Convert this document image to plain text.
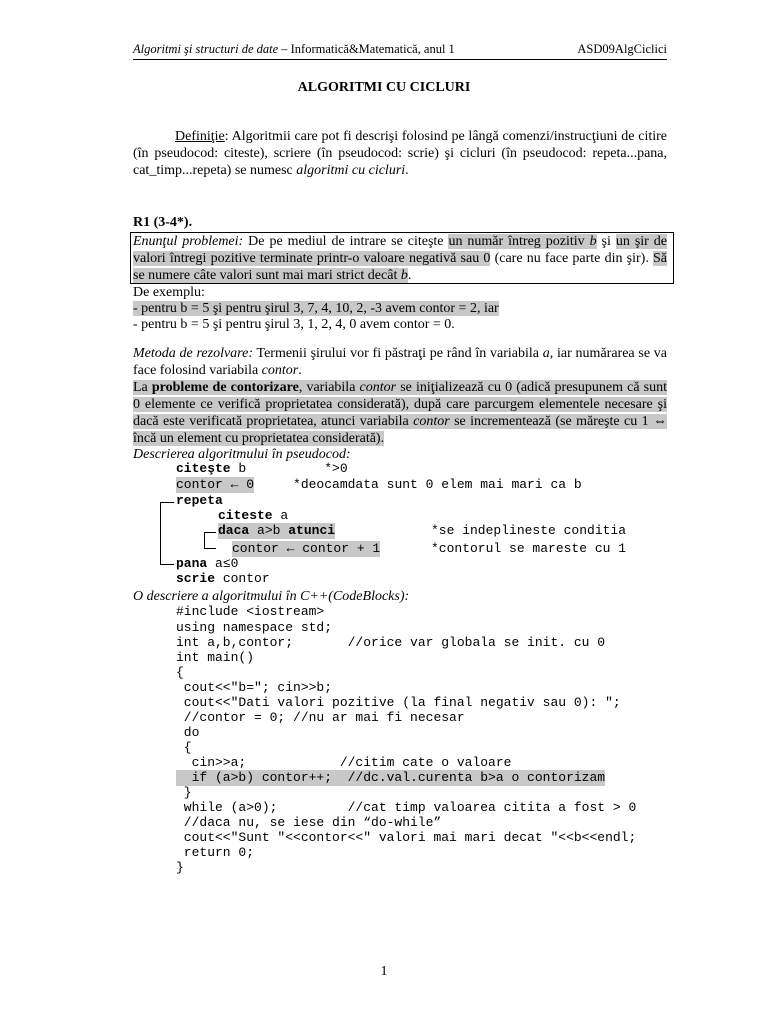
Algoritmi şi structuri de date – Informatică&Matematică, anul 1	ASD09AlgCiclici
ALGORITMI CU CICLURI
Definiţie: Algoritmii care pot fi descrişi folosind pe lângă comenzi/instrucţiuni de citire (în pseudocod: citeste), scriere (în pseudocod: scrie) şi cicluri (în pseudocod: repeta...pana, cat_timp...repeta) se numesc algoritmi cu cicluri.
R1 (3-4*).
Enunţul problemei: De pe mediul de intrare se citeşte un număr întreg pozitiv b şi un şir de valori întregi pozitive terminate printr-o valoare negativă sau 0 (care nu face parte din şir). Să se numere câte valori sunt mai mari strict decât b.
De exemplu:
- pentru b = 5 şi pentru şirul 3, 7, 4, 10, 2, -3 avem contor = 2, iar
- pentru b = 5 şi pentru şirul 3, 1, 2, 4, 0 avem contor = 0.
Metoda de rezolvare: Termenii şirului vor fi păstraţi pe rând în variabila a, iar numărarea se va face folosind variabila contor.
La probleme de contorizare, variabila contor se iniţializează cu 0 (adică presupunem că sunt 0 elemente ce verifică proprietatea considerată), după care parcurgem elementele necesare şi dacă este verificată proprietatea, atunci variabila contor se incrementează (se măreşte cu 1 ⇔ încă un element cu proprietatea considerată).
Descrierea algoritmului în pseudocod:
citeşte b          *>0
contor ← 0     *deocamdata sunt 0 elem mai mari ca b
repeta
citeste a
daca a>b atunci	*se indeplineste conditia
contor ← contor + 1	*contorul se mareste cu 1
pana a≤0
scrie contor
O descriere a algoritmului în C++(CodeBlocks):
#include <iostream>
using namespace std;
int a,b,contor;       //orice var globala se init. cu 0
int main()
{
cout<<"b="; cin>>b;
cout<<"Dati valori pozitive (la final negativ sau 0): ";
//contor = 0; //nu ar mai fi necesar
do
{
cin>>a;            //citim cate o valoare
if (a>b) contor++;  //dc.val.curenta b>a o contorizam
}
while (a>0);         //cat timp valoarea citita a fost > 0
//daca nu, se iese din “do-while”
cout<<"Sunt "<<contor<<" valori mai mari decat "<<b<<endl;
return 0;
}
1
